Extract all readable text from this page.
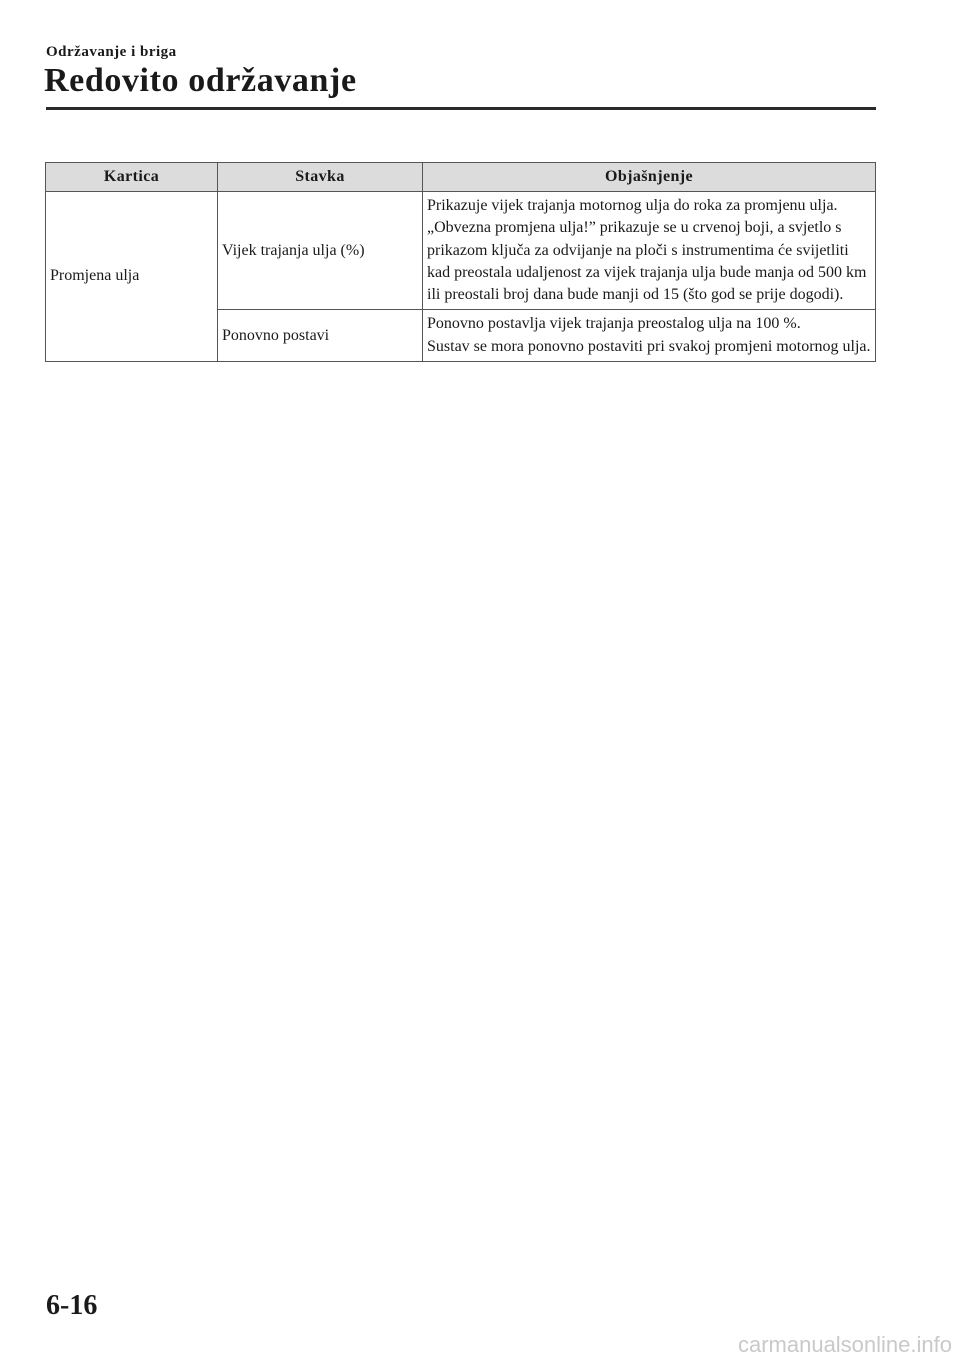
Održavanje i briga
Redovito održavanje
Kartica	Stavka	Objašnjenje
Promjena ulja	Vijek trajanja ulja (%)	Prikazuje vijek trajanja motornog ulja do roka za promjenu ulja.
„Obvezna promjena ulja!” prikazuje se u crvenoj boji, a svjetlo s prikazom ključa za odvijanje na ploči s instrumentima će svijetliti kad preostala udaljenost za vijek trajanja ulja bude manja od 500 km ili preostali broj dana bude manji od 15 (što god se prije dogodi).

	Ponovno postavi	Ponovno postavlja vijek trajanja preostalog ulja na 100 %.
Sustav se mora ponovno postaviti pri svakoj promjeni motornog ulja.
6-16
carmanualsonline.info
